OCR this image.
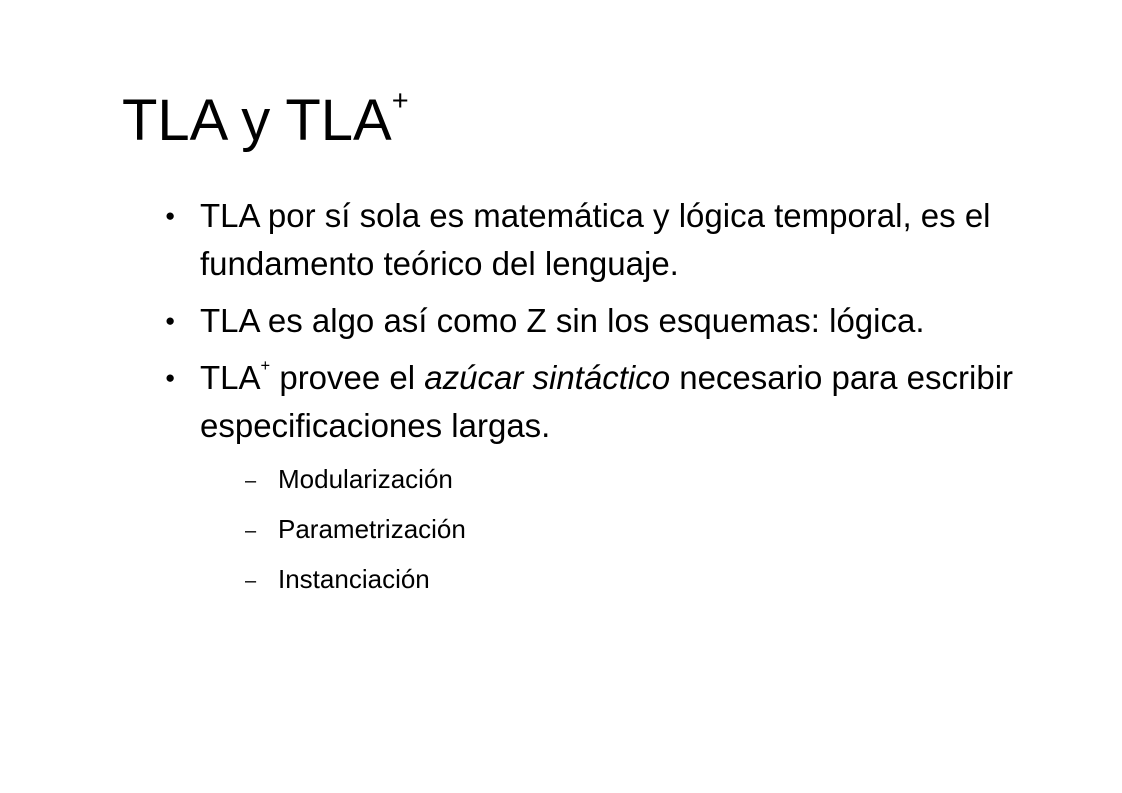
TLA y TLA+
● TLA por sí sola es matemática y lógica temporal, es el fundamento teórico del lenguaje.
● TLA es algo así como Z sin los esquemas: lógica.
● TLA+ provee el azúcar sintáctico necesario para escribir especificaciones largas.
– Modularización
– Parametrización
– Instanciación
